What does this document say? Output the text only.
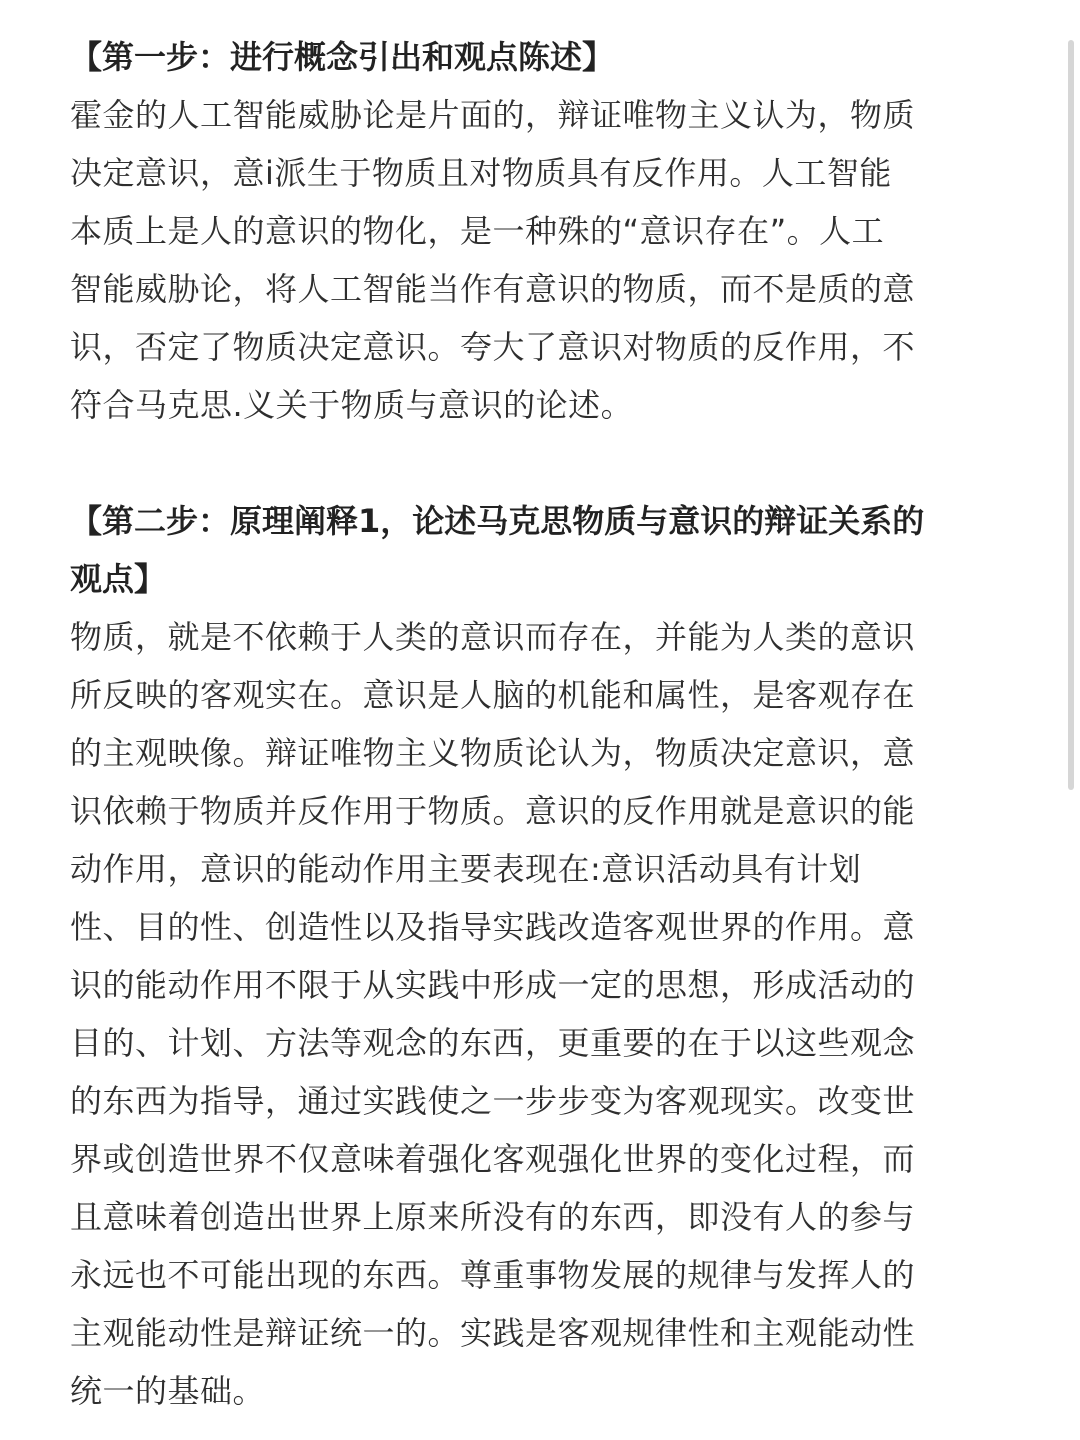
【第一步：进行概念引出和观点陈述】

霍金的人工智能威胁论是片面的，辩证唯物主义认为，物质

决定意识，意i派生于物质且对物质具有反作用。人工智能

本质上是人的意识的物化，是一种殊的“意识存在”。人工

智能威胁论，将人工智能当作有意识的物质，而不是质的意

识，否定了物质决定意识。夸大了意识对物质的反作用，不

符合马克思.义关于物质与意识的论述。

【第二步：原理阐释1，论述马克思物质与意识的辩证关系的

观点】

物质，就是不依赖于人类的意识而存在，并能为人类的意识

所反映的客观实在。意识是人脑的机能和属性，是客观存在

的主观映像。辩证唯物主义物质论认为，物质决定意识，意

识依赖于物质并反作用于物质。意识的反作用就是意识的能

动作用，意识的能动作用主要表现在:意识活动具有计划

性、目的性、创造性以及指导实践改造客观世界的作用。意

识的能动作用不限于从实践中形成一定的思想，形成活动的

目的、计划、方法等观念的东西，更重要的在于以这些观念

的东西为指导，通过实践使之一步步变为客观现实。改变世

界或创造世界不仅意味着强化客观强化世界的变化过程，而

且意味着创造出世界上原来所没有的东西，即没有人的参与

永远也不可能出现的东西。尊重事物发展的规律与发挥人的

主观能动性是辩证统一的。实践是客观规律性和主观能动性

统一的基础。
